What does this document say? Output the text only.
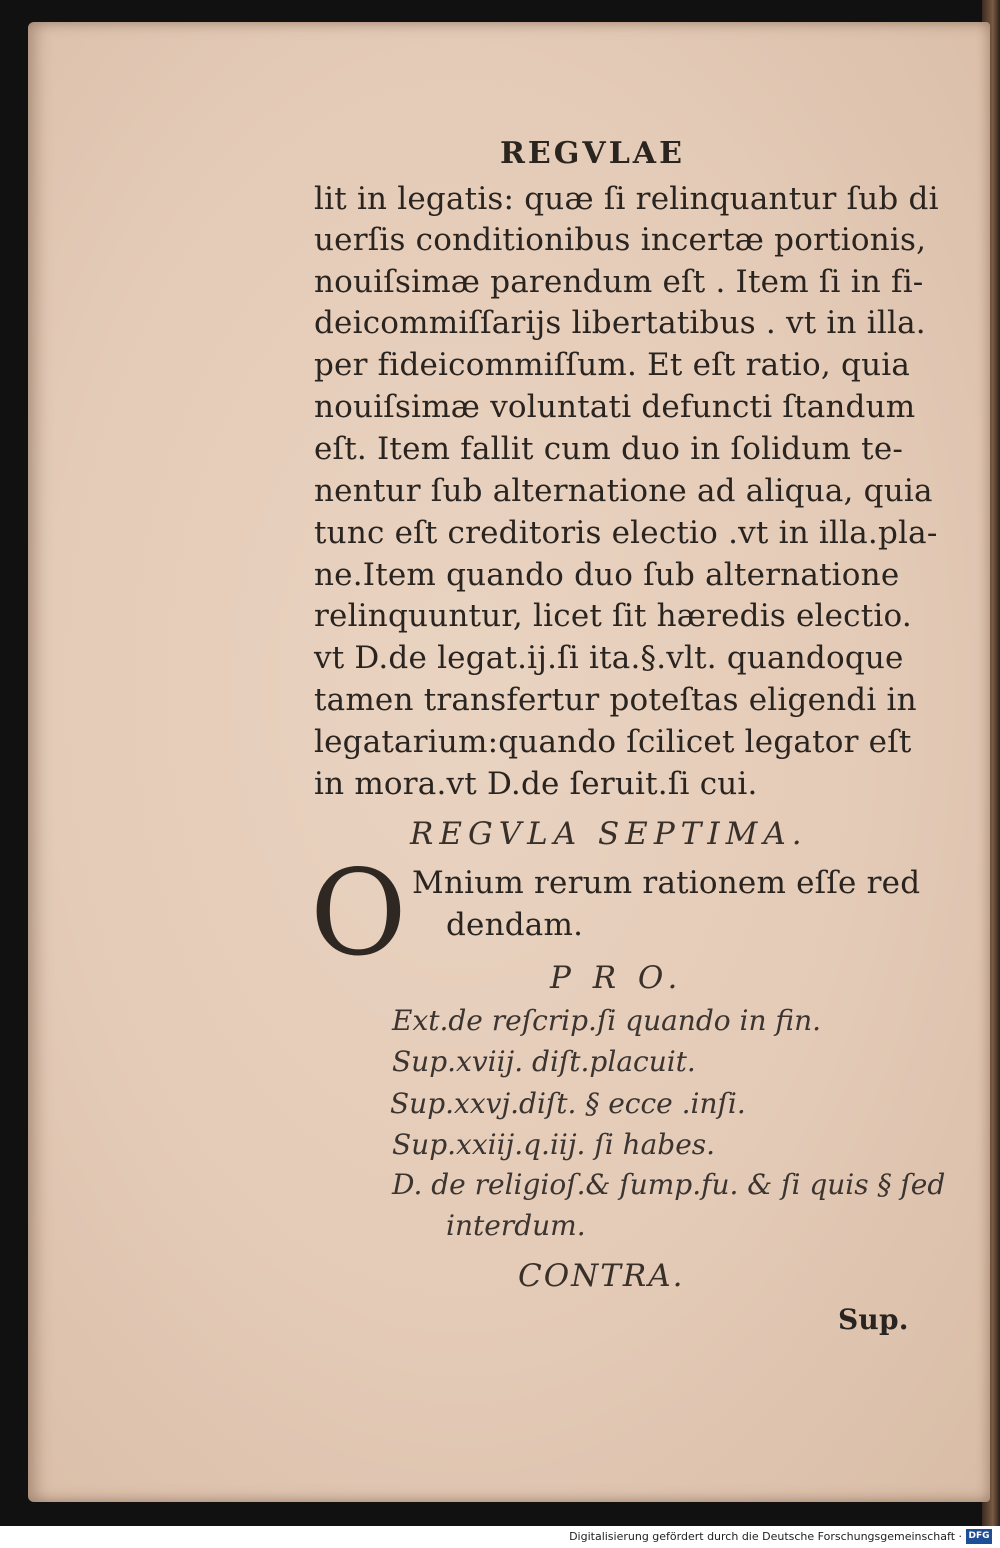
REGVLAE
lit in legatis: quæ ſi relinquantur ſub di
uerſis conditionibus incertæ portionis,
nouiſsimæ parendum eſt . Item ſi in fi-
deicommiſſarijs libertatibus . vt in illa.
per fideicommiſſum. Et eſt ratio, quia
nouiſsimæ voluntati defuncti ſtandum
eſt. Item fallit cum duo in ſolidum te-
nentur ſub alternatione ad aliqua, quia
tunc eſt creditoris electio .vt in illa.pla-
ne.Item quando duo ſub alternatione
relinquuntur, licet ſit hæredis electio.
vt D.de legat.ij.ſi ita.§.vlt. quandoque
tamen transfertur poteſtas eligendi in
legatarium:quando ſcilicet legator eſt
in mora.vt D.de ſeruit.ſi cui.
REGVLA SEPTIMA.
O Mnium rerum rationem eſſe red
dendam.
P R O.
Ext.de reſcrip.ſi quando in fin.
Sup.xviij. diſt.placuit.
Sup.xxvj.diſt. § ecce .inſi.
Sup.xxiij.q.iij. ſi habes.
D. de religioſ.& ſump.fu. & ſi quis § ſed
interdum.
CONTRA.
Sup.
Digitalisierung gefördert durch die Deutsche Forschungsgemeinschaft · DFG
